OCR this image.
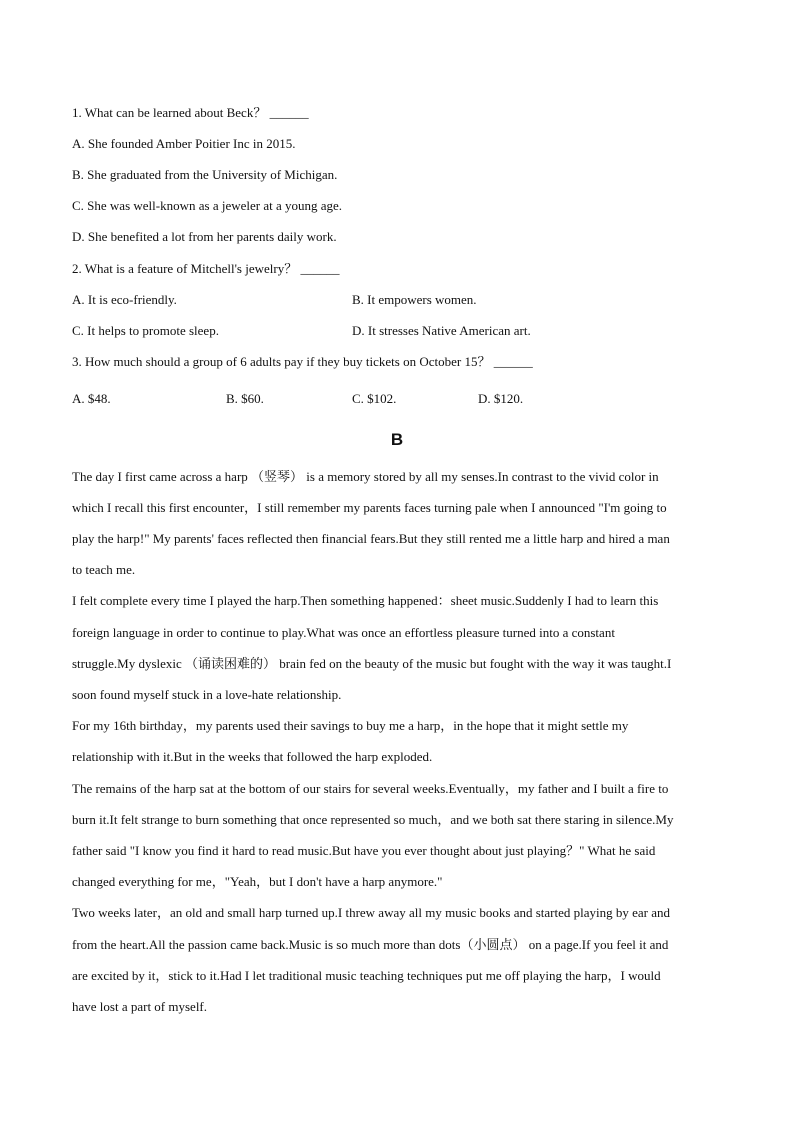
1. What can be learned about Beck？ ______
A. She founded Amber Poitier Inc in 2015.
B. She graduated from the University of Michigan.
C. She was well-known as a jeweler at a young age.
D. She benefited a lot from her parents daily work.
2. What is a feature of Mitchell's jewelry？ ______
A. It is eco-friendly.	B. It empowers women.
C. It helps to promote sleep.	D. It stresses Native American art.
3. How much should a group of 6 adults pay if they buy tickets on October 15？ ______
A. $48.	B. $60.	C. $102.	D. $120.
B
The day I first came across a harp （竖琴） is a memory stored by all my senses.In contrast to the vivid color in
which I recall this first encounter，I still remember my parents faces turning pale when I announced "I'm going to
play the harp!" My parents' faces reflected then financial fears.But they still rented me a little harp and hired a man
to teach me.
I felt complete every time I played the harp.Then something happened：sheet music.Suddenly I had to learn this
foreign language in order to continue to play.What was once an effortless pleasure turned into a constant
struggle.My dyslexic （诵读困难的） brain fed on the beauty of the music but fought with the way it was taught.I
soon found myself stuck in a love-hate relationship.
For my 16th birthday，my parents used their savings to buy me a harp，in the hope that it might settle my
relationship with it.But in the weeks that followed the harp exploded.
The remains of the harp sat at the bottom of our stairs for several weeks.Eventually，my father and I built a fire to
burn it.It felt strange to burn something that once represented so much，and we both sat there staring in silence.My
father said "I know you find it hard to read music.But have you ever thought about just playing？" What he said
changed everything for me，"Yeah，but I don't have a harp anymore."
Two weeks later，an old and small harp turned up.I threw away all my music books and started playing by ear and
from the heart.All the passion came back.Music is so much more than dots（小圆点） on a page.If you feel it and
are excited by it，stick to it.Had I let traditional music teaching techniques put me off playing the harp，I would
have lost a part of myself.
